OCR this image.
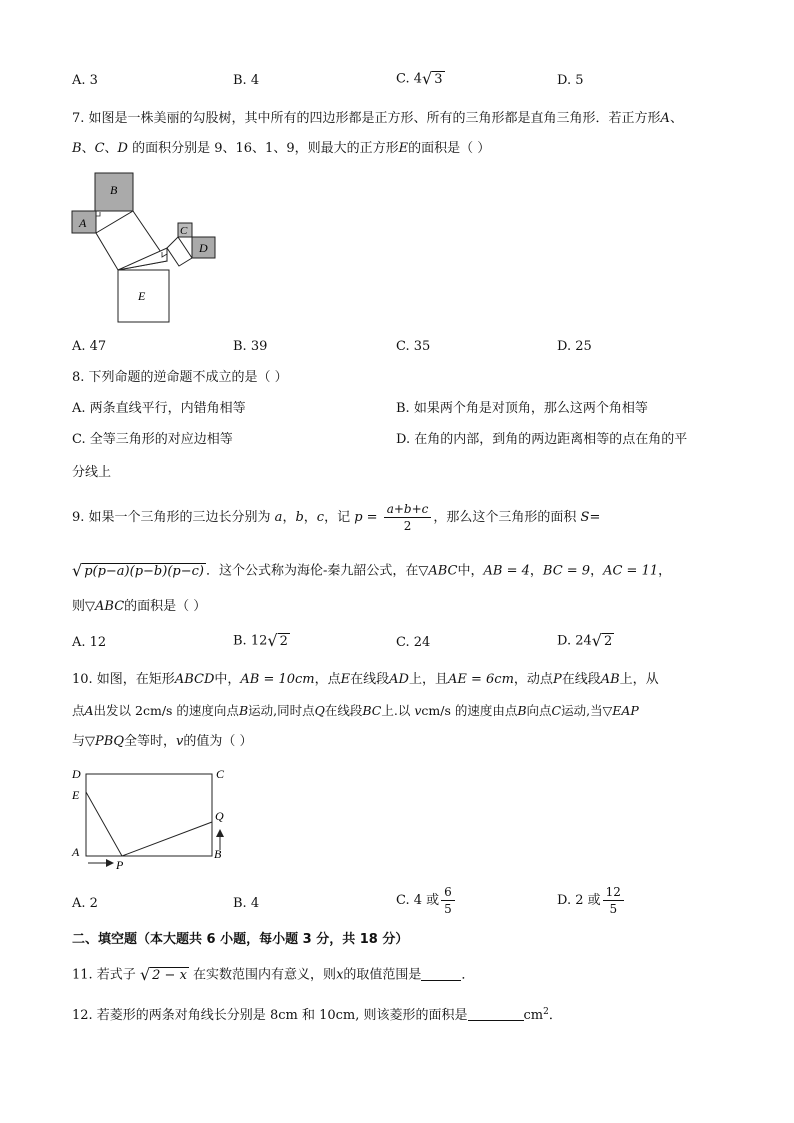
A. 3	B. 4	C. 4 √ 3	D. 5
7. 如图是一株美丽的勾股树，其中所有的四边形都是正方形、所有的三角形都是直角三角形．若正方形A、
B、C、D 的面积分别是 9、16、1、9，则最大的正方形E的面积是（ ）
B
A
C
D
E
A. 47	B. 39	C. 35	D. 25
8. 下列命题的逆命题不成立的是（ ）
A. 两条直线平行，内错角相等	B. 如果两个角是对顶角，那么这两个角相等
C. 全等三角形的对应边相等	D. 在角的内部，到角的两边距离相等的点在角的平
分线上
9. 如果一个三角形的三边长分别为 a，b，c，记 $p = \frac{a+b+c}{2}$ ，那么这个三角形的面积 S=
√ p(p−a)(p−b)(p−c) ．这个公式称为海伦-秦九韶公式，在▽ABC中，AB = 4，BC = 9，AC = 11，
则▽ABC的面积是（ ）
A. 12	B. 12 √ 2	C. 24	D. 24 √ 2
10. 如图，在矩形ABCD中，AB = 10cm，点E在线段AD上，且AE = 6cm，动点P在线段AB上，从
点A出发以 2cm/s 的速度向点B运动,同时点Q在线段BC上.以 vcm/s 的速度由点B向点C运动,当▽EAP
与▽PBQ全等时，v的值为（ ）
D	C
E
Q
A
P
B
A. 2	B. 4	C. 4 或 $\frac{6}{5}$	D. 2 或 $\frac{12}{5}$
二、填空题（本大题共 6 小题，每小题 3 分，共 18 分）
11. 若式子 √ 2 − x 在实数范围内有意义，则x的取值范围是	．
12. 若菱形的两条对角线长分别是 8cm 和 10cm, 则该菱形的面积是	$cm^2$．
